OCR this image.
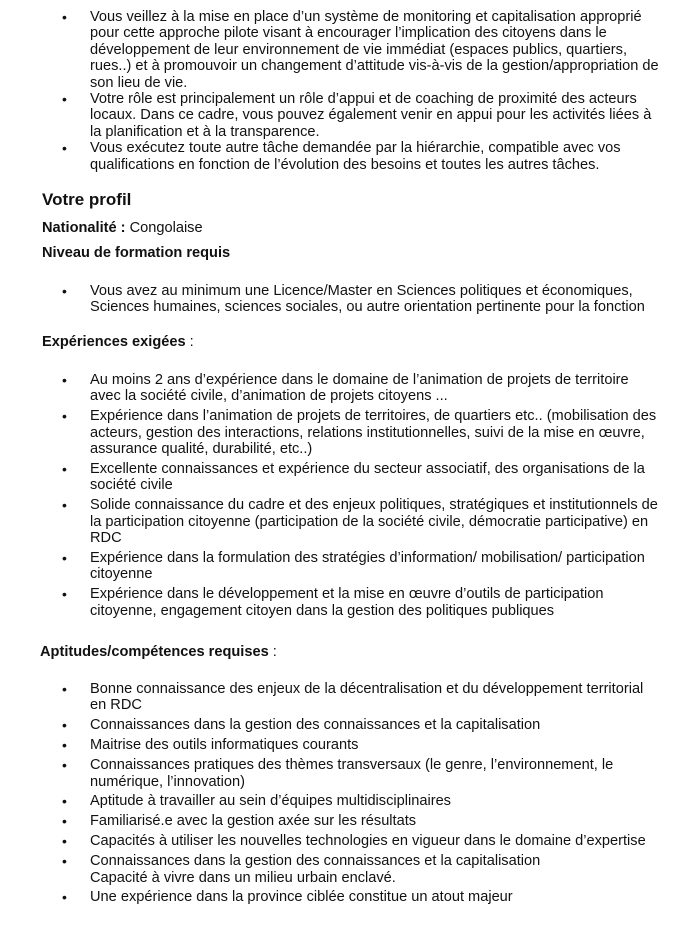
•	Vous veillez à la mise en place d’un système de monitoring et capitalisation approprié pour cette approche pilote visant à encourager l’implication des citoyens dans le développement de leur environnement de vie immédiat (espaces publics, quartiers, rues..) et à promouvoir un changement d’attitude vis-à-vis de la gestion/appropriation de son lieu de vie.
•	Votre rôle est principalement un rôle d’appui et de coaching de proximité des acteurs locaux. Dans ce cadre, vous pouvez également venir en appui pour les activités liées à la planification et à la transparence.
•	Vous exécutez toute autre tâche demandée par la hiérarchie, compatible avec vos qualifications en fonction de l’évolution des besoins et toutes les autres tâches.
Votre profil
Nationalité : Congolaise
Niveau de formation requis
•	Vous avez au minimum une Licence/Master en Sciences politiques et économiques, Sciences humaines, sciences sociales, ou autre orientation pertinente pour la fonction
Expériences exigées :
•	Au moins 2 ans d’expérience dans le domaine de l’animation de projets de territoire avec la société civile, d’animation de projets citoyens ...
•	Expérience dans l’animation de projets de territoires, de quartiers etc.. (mobilisation des acteurs, gestion des interactions, relations institutionnelles, suivi de la mise en œuvre, assurance qualité, durabilité, etc..)
•	Excellente connaissances et expérience du secteur associatif, des organisations de la société civile
•	Solide connaissance du cadre et des enjeux politiques, stratégiques et institutionnels de la participation citoyenne (participation de la société civile, démocratie participative) en RDC
•	Expérience dans la formulation des stratégies d’information/ mobilisation/ participation citoyenne
•	Expérience dans le développement et la mise en œuvre d’outils de participation citoyenne, engagement citoyen dans la gestion des politiques publiques
Aptitudes/compétences requises :
•	Bonne connaissance des enjeux de la décentralisation et du développement territorial en RDC
•	Connaissances dans la gestion des connaissances et la capitalisation
•	Maitrise des outils informatiques courants
•	Connaissances pratiques des thèmes transversaux (le genre, l’environnement, le numérique, l’innovation)
•	Aptitude à travailler au sein d’équipes multidisciplinaires
•	Familiarisé.e avec la gestion axée sur les résultats
•	Capacités à utiliser les nouvelles technologies en vigueur dans le domaine d’expertise
•	Connaissances dans la gestion des connaissances et la capitalisation
Capacité à vivre dans un milieu urbain enclavé.
•	Une expérience dans la province ciblée constitue un atout majeur
